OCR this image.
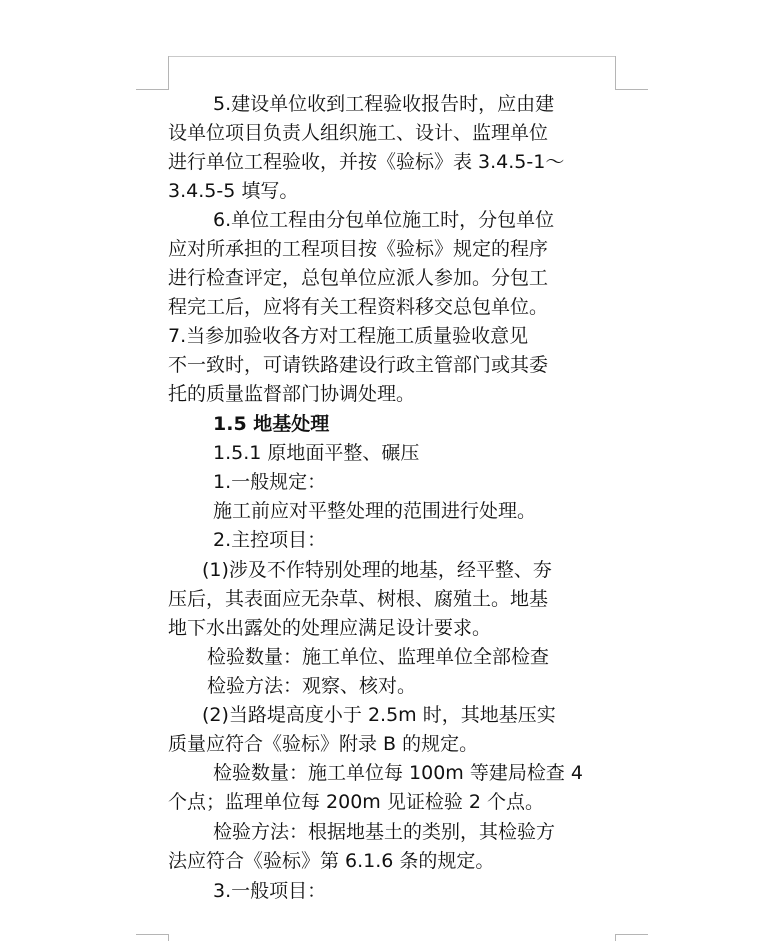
5.建设单位收到工程验收报告时，应由建
设单位项目负责人组织施工、设计、监理单位
进行单位工程验收，并按《验标》表 3.4.5-1～
3.4.5-5 填写。
6.单位工程由分包单位施工时，分包单位
应对所承担的工程项目按《验标》规定的程序
进行检查评定，总包单位应派人参加。分包工
程完工后，应将有关工程资料移交总包单位。
7.当参加验收各方对工程施工质量验收意见
不一致时，可请铁路建设行政主管部门或其委
托的质量监督部门协调处理。
1.5 地基处理
1.5.1 原地面平整、碾压
1.一般规定：
施工前应对平整处理的范围进行处理。
2.主控项目：
(1)涉及不作特别处理的地基，经平整、夯
压后，其表面应无杂草、树根、腐殖土。地基
地下水出露处的处理应满足设计要求。
检验数量：施工单位、监理单位全部检查
检验方法：观察、核对。
(2)当路堤高度小于 2.5m 时，其地基压实
质量应符合《验标》附录 B 的规定。
检验数量：施工单位每 100m 等建局检查 4
个点；监理单位每 200m 见证检验 2 个点。
检验方法：根据地基土的类别，其检验方
法应符合《验标》第 6.1.6 条的规定。
3.一般项目：
